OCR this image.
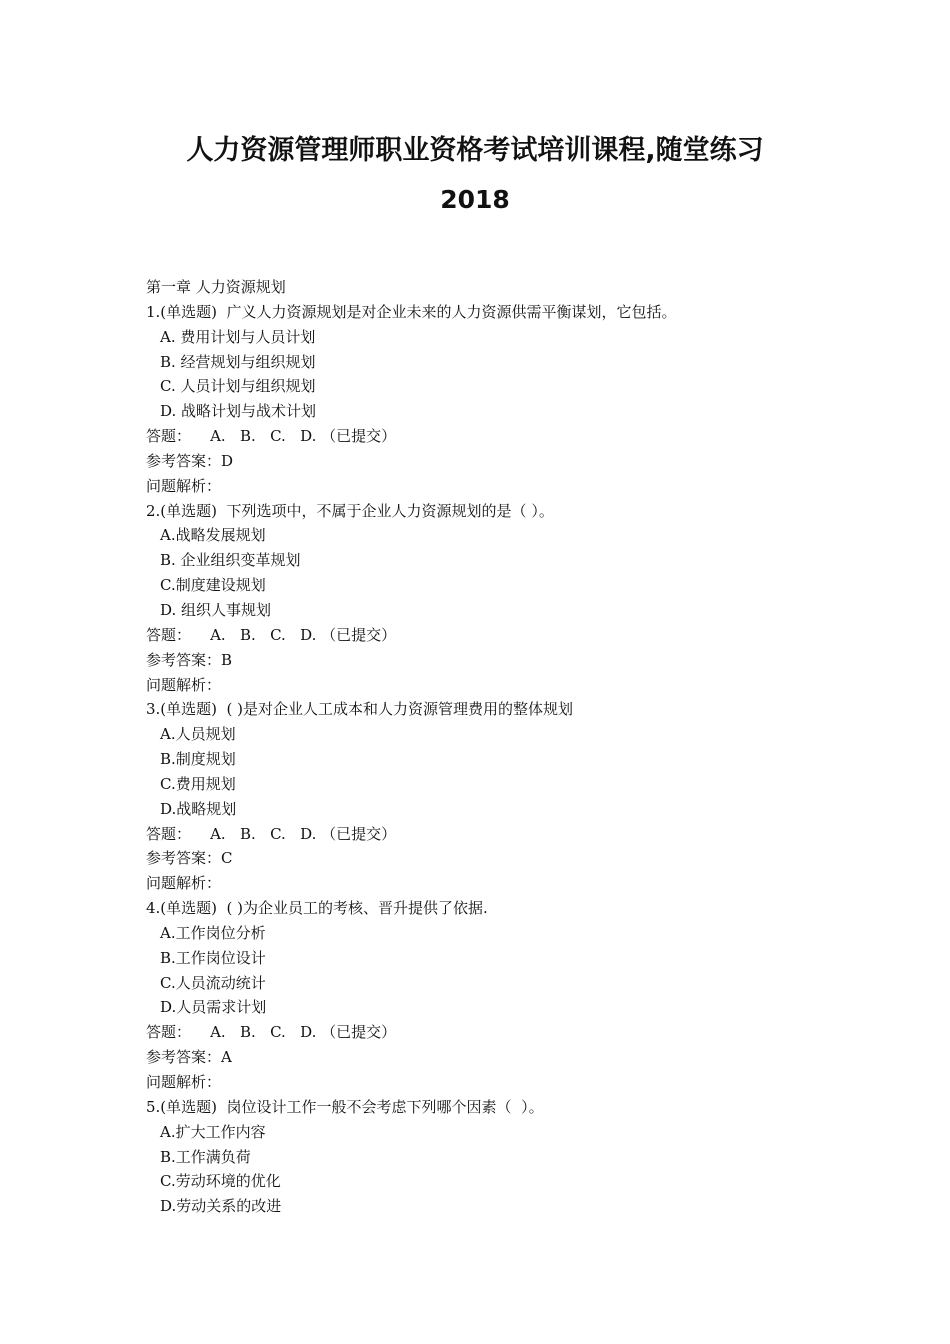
人力资源管理师职业资格考试培训课程,随堂练习
2018
第一章 人力资源规划
1.(单选题)  广义人力资源规划是对企业未来的人力资源供需平衡谋划，它包括。
A. 费用计划与人员计划
B. 经营规划与组织规划
C. 人员计划与组织规划
D. 战略计划与战术计划
答题：    A.   B.   C.   D. （已提交）
参考答案：D
问题解析：
2.(单选题)  下列选项中，不属于企业人力资源规划的是（ ）。
A.战略发展规划
B. 企业组织变革规划
C.制度建设规划
D. 组织人事规划
答题：    A.   B.   C.   D. （已提交）
参考答案：B
问题解析：
3.(单选题)  ( )是对企业人工成本和人力资源管理费用的整体规划
A.人员规划
B.制度规划
C.费用规划
D.战略规划
答题：    A.   B.   C.   D. （已提交）
参考答案：C
问题解析：
4.(单选题)  ( )为企业员工的考核、晋升提供了依据.
A.工作岗位分析
B.工作岗位设计
C.人员流动统计
D.人员需求计划
答题：    A.   B.   C.   D. （已提交）
参考答案：A
问题解析：
5.(单选题)  岗位设计工作一般不会考虑下列哪个因素（  ）。
A.扩大工作内容
B.工作满负荷
C.劳动环境的优化
D.劳动关系的改进
